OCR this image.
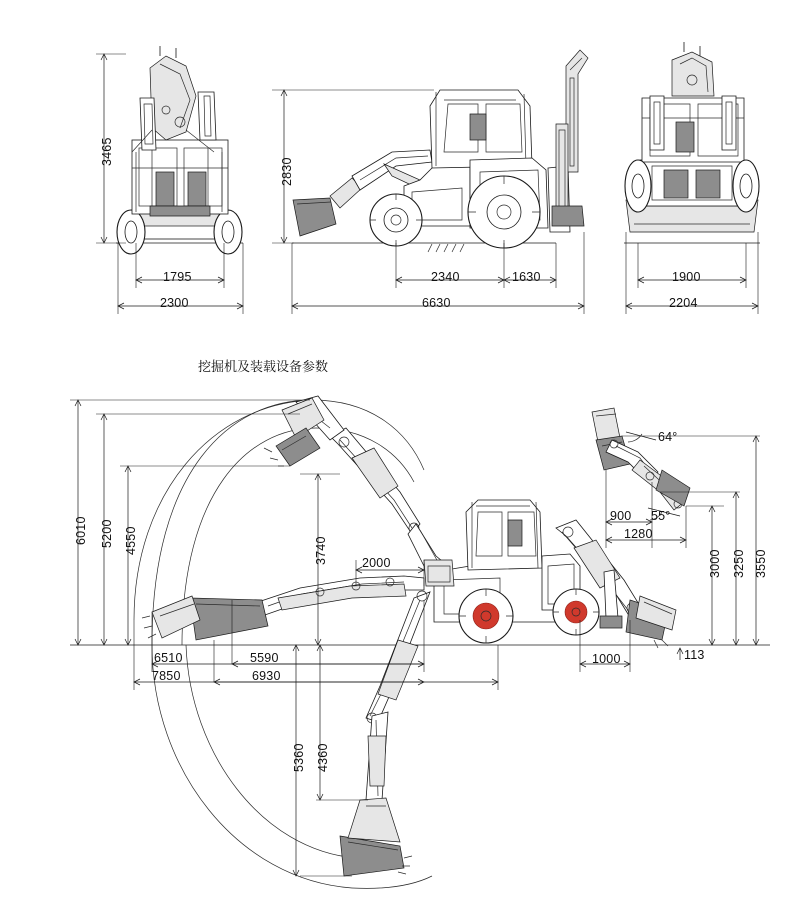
3465
1795
2300
2830
2340	1630
6630
1900
2204
挖掘机及装载设备参数
6010 5200 4550	3740	2000
6510	5590
7850	6930
5360 4360
1000	113
900
1280
3000 3250 3550
64°
55°
